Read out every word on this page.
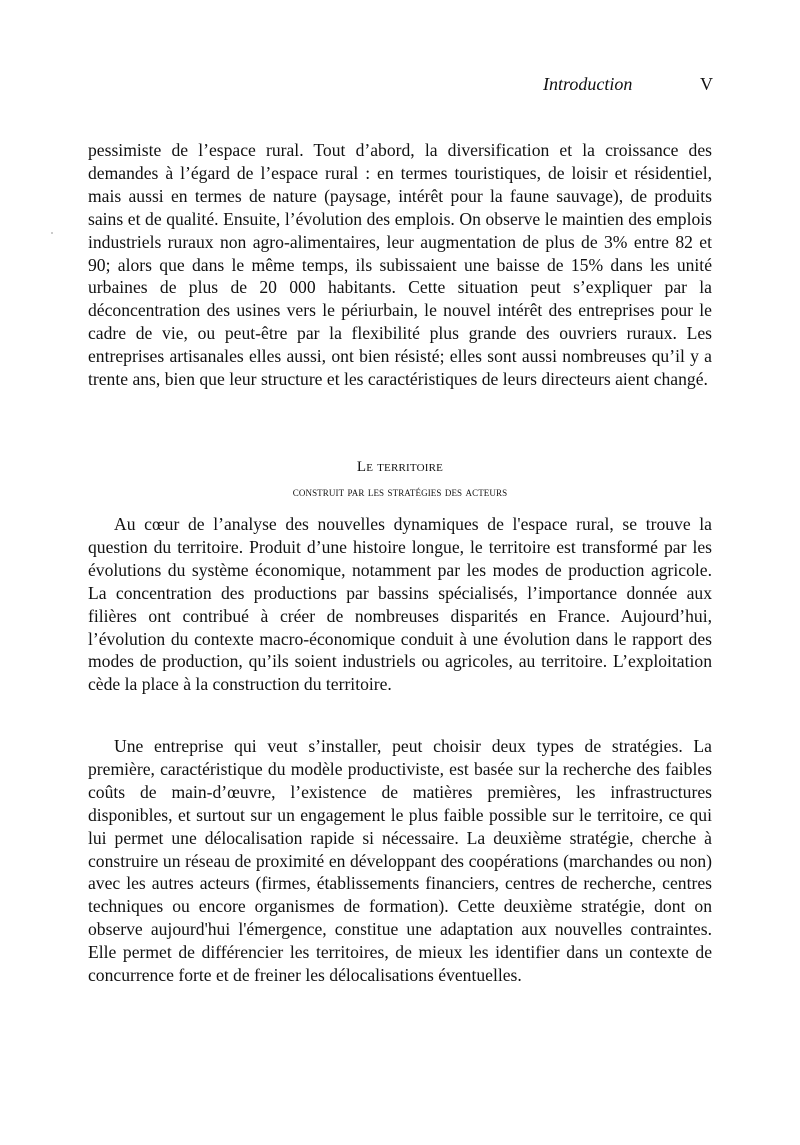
Introduction	V

pessimiste de l’espace rural. Tout d’abord, la diversification et la croissance des demandes à l’égard de l’espace rural : en termes touristiques, de loisir et résidentiel, mais aussi en termes de nature (paysage, intérêt pour la faune sauvage), de produits sains et de qualité. Ensuite, l’évolution des emplois. On observe le maintien des emplois industriels ruraux non agro-alimentaires, leur augmentation de plus de 3% entre 82 et 90; alors que dans le même temps, ils subissaient une baisse de 15% dans les unité urbaines de plus de 20 000 habitants. Cette situation peut s’expliquer par la déconcentration des usines vers le périurbain, le nouvel intérêt des entreprises pour le cadre de vie, ou peut-être par la flexibilité plus grande des ouvriers ruraux. Les entreprises artisanales elles aussi, ont bien résisté; elles sont aussi nombreuses qu’il y a trente ans, bien que leur structure et les caractéristiques de leurs directeurs aient changé.

Le territoire
construit par les stratégies des acteurs

Au cœur de l’analyse des nouvelles dynamiques de l'espace rural, se trouve la question du territoire. Produit d’une histoire longue, le territoire est transformé par les évolutions du système économique, notamment par les modes de production agricole. La concentration des productions par bassins spécialisés, l’importance donnée aux filières ont contribué à créer de nombreuses disparités en France. Aujourd’hui, l’évolution du contexte macro-économique conduit à une évolution dans le rapport des modes de production, qu’ils soient industriels ou agricoles, au territoire. L’exploitation cède la place à la construction du territoire.

Une entreprise qui veut s’installer, peut choisir deux types de stratégies. La première, caractéristique du modèle productiviste, est basée sur la recherche des faibles coûts de main-d’œuvre, l’existence de matières premières, les infrastructures disponibles, et surtout sur un engagement le plus faible possible sur le territoire, ce qui lui permet une délocalisation rapide si nécessaire. La deuxième stratégie, cherche à construire un réseau de proximité en développant des coopérations (marchandes ou non) avec les autres acteurs (firmes, établissements financiers, centres de recherche, centres techniques ou encore organismes de formation). Cette deuxième stratégie, dont on observe aujourd'hui l'émergence, constitue une adaptation aux nouvelles contraintes. Elle permet de différencier les territoires, de mieux les identifier dans un contexte de concurrence forte et de freiner les délocalisations éventuelles.
